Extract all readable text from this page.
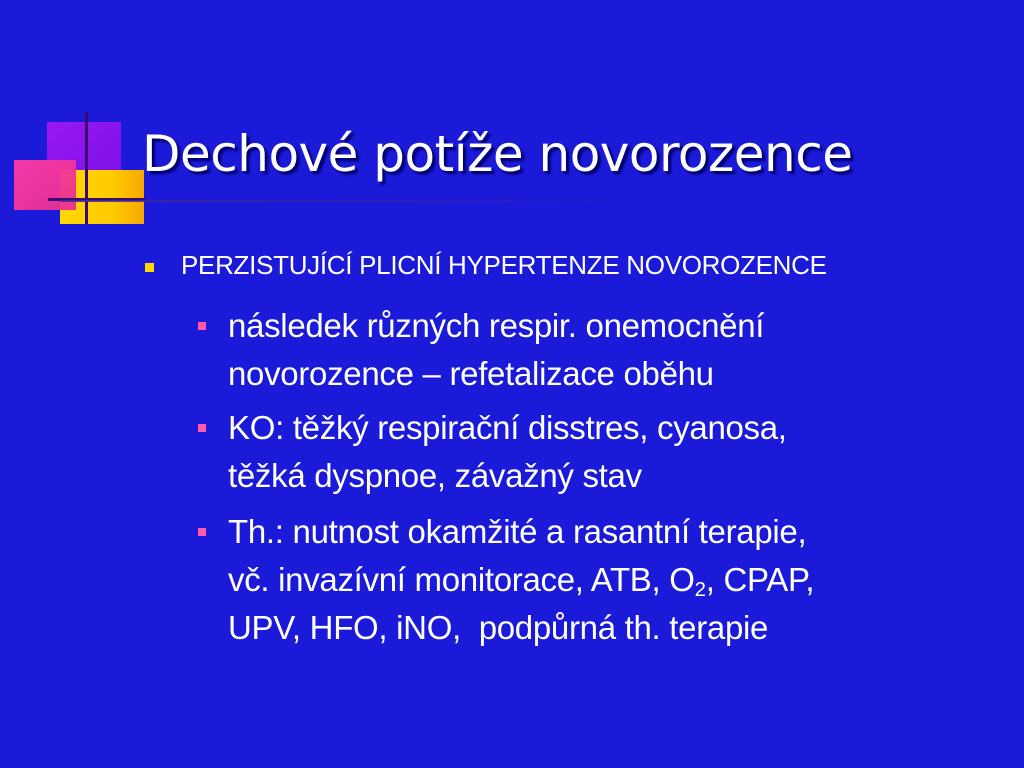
Dechové potíže novorozence
PERZISTUJÍCÍ PLICNÍ HYPERTENZE NOVOROZENCE
následek různých respir. onemocnění
novorozence – refetalizace oběhu
KO: těžký respirační disstres, cyanosa,
těžká dyspnoe, závažný stav
Th.: nutnost okamžité a rasantní terapie,
vč. invazívní monitorace, ATB, $O_2$, CPAP,
UPV, HFO, iNO,  podpůrná th. terapie
